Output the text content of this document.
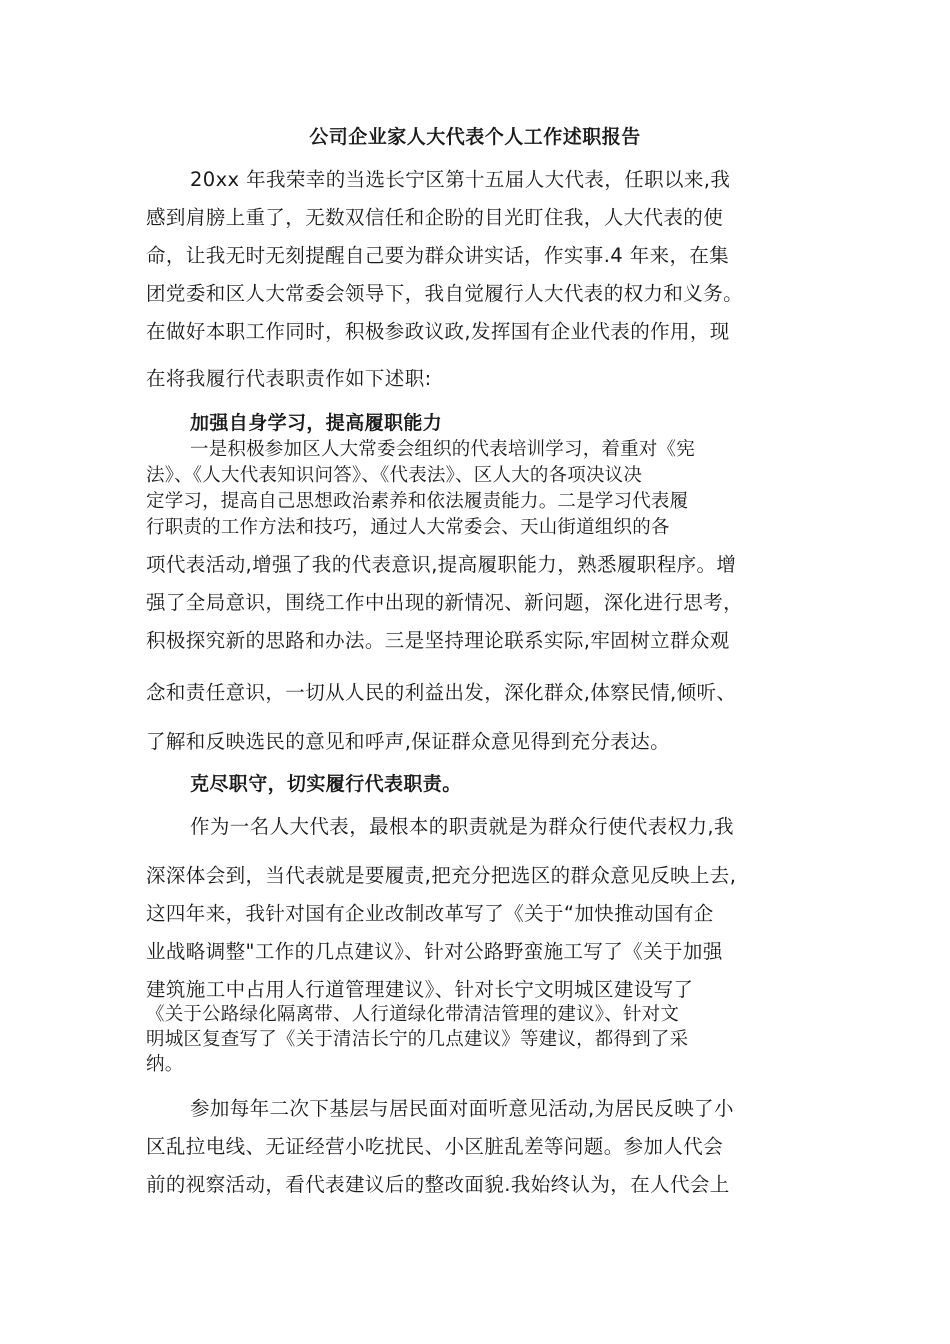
公司企业家人大代表个人工作述职报告
20xx 年我荣幸的当选长宁区第十五届人大代表，任职以来,我
感到肩膀上重了，无数双信任和企盼的目光盯住我，人大代表的使
命，让我无时无刻提醒自己要为群众讲实话，作实事.4 年来，在集
团党委和区人大常委会领导下，我自觉履行人大代表的权力和义务。
在做好本职工作同时，积极参政议政,发挥国有企业代表的作用，现
在将我履行代表职责作如下述职:
加强自身学习，提高履职能力
一是积极参加区人大常委会组织的代表培训学习，着重对《宪
法》、《人大代表知识问答》、《代表法》、区人大的各项决议决
定学习，提高自己思想政治素养和依法履责能力。二是学习代表履
行职责的工作方法和技巧，通过人大常委会、天山街道组织的各
项代表活动,增强了我的代表意识,提高履职能力，熟悉履职程序。增
强了全局意识，围绕工作中出现的新情况、新问题，深化进行思考，
积极探究新的思路和办法。三是坚持理论联系实际,牢固树立群众观
念和责任意识，一切从人民的利益出发，深化群众,体察民情,倾听、
了解和反映选民的意见和呼声,保证群众意见得到充分表达。
克尽职守，切实履行代表职责。
作为一名人大代表，最根本的职责就是为群众行使代表权力,我
深深体会到，当代表就是要履责,把充分把选区的群众意见反映上去,
这四年来，我针对国有企业改制改革写了《关于“加快推动国有企
业战略调整"工作的几点建议》、针对公路野蛮施工写了《关于加强
建筑施工中占用人行道管理建议》、针对长宁文明城区建设写了
《关于公路绿化隔离带、人行道绿化带清洁管理的建议》、针对文
明城区复查写了《关于清洁长宁的几点建议》等建议，都得到了采
纳。
参加每年二次下基层与居民面对面听意见活动,为居民反映了小
区乱拉电线、无证经营小吃扰民、小区脏乱差等问题。参加人代会
前的视察活动，看代表建议后的整改面貌.我始终认为，在人代会上
